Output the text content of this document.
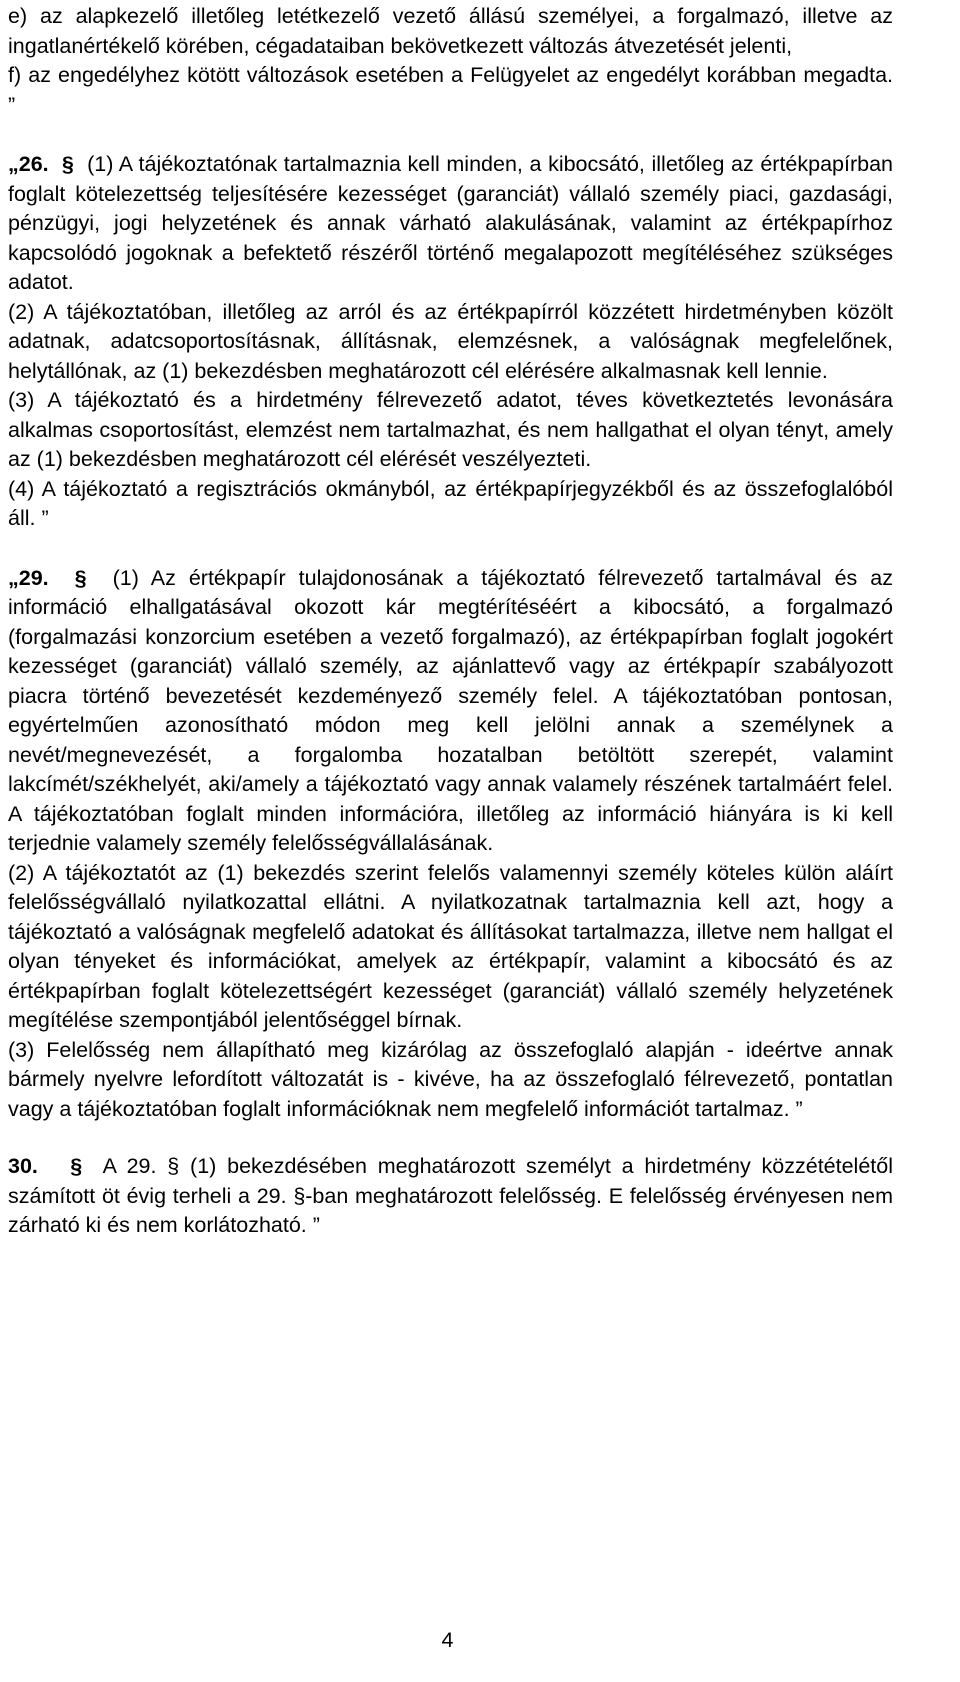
e) az alapkezelő illetőleg letétkezelő vezető állású személyei, a forgalmazó, illetve az ingatlanértékelő körében, cégadataiban bekövetkezett változás átvezetését jelenti,

f) az engedélyhez kötött változások esetében a Felügyelet az engedélyt korábban megadta. ”

„26. § (1) A tájékoztatónak tartalmaznia kell minden, a kibocsátó, illetőleg az értékpapírban foglalt kötelezettség teljesítésére kezességet (garanciát) vállaló személy piaci, gazdasági, pénzügyi, jogi helyzetének és annak várható alakulásának, valamint az értékpapírhoz kapcsolódó jogoknak a befektető részéről történő megalapozott megítéléséhez szükséges adatot.

(2) A tájékoztatóban, illetőleg az arról és az értékpapírról közzétett hirdetményben közölt adatnak, adatcsoportosításnak, állításnak, elemzésnek, a valóságnak megfelelőnek, helytállónak, az (1) bekezdésben meghatározott cél elérésére alkalmasnak kell lennie.

(3) A tájékoztató és a hirdetmény félrevezető adatot, téves következtetés levonására alkalmas csoportosítást, elemzést nem tartalmazhat, és nem hallgathat el olyan tényt, amely az (1) bekezdésben meghatározott cél elérését veszélyezteti.

(4) A tájékoztató a regisztrációs okmányból, az értékpapírjegyzékből és az összefoglalóból áll. ”

„29. § (1) Az értékpapír tulajdonosának a tájékoztató félrevezető tartalmával és az információ elhallgatásával okozott kár megtérítéséért a kibocsátó, a forgalmazó (forgalmazási konzorcium esetében a vezető forgalmazó), az értékpapírban foglalt jogokért kezességet (garanciát) vállaló személy, az ajánlattevő vagy az értékpapír szabályozott piacra történő bevezetését kezdeményező személy felel. A tájékoztatóban pontosan, egyértelműen azonosítható módon meg kell jelölni annak a személynek a nevét/megnevezését, a forgalomba hozatalban betöltött szerepét, valamint lakcímét/székhelyét, aki/amely a tájékoztató vagy annak valamely részének tartalmáért felel. A tájékoztatóban foglalt minden információra, illetőleg az információ hiányára is ki kell terjednie valamely személy felelősségvállalásának.

(2) A tájékoztatót az (1) bekezdés szerint felelős valamennyi személy köteles külön aláírt felelősségvállaló nyilatkozattal ellátni. A nyilatkozatnak tartalmaznia kell azt, hogy a tájékoztató a valóságnak megfelelő adatokat és állításokat tartalmazza, illetve nem hallgat el olyan tényeket és információkat, amelyek az értékpapír, valamint a kibocsátó és az értékpapírban foglalt kötelezettségért kezességet (garanciát) vállaló személy helyzetének megítélése szempontjából jelentőséggel bírnak.

(3) Felelősség nem állapítható meg kizárólag az összefoglaló alapján - ideértve annak bármely nyelvre lefordított változatát is - kivéve, ha az összefoglaló félrevezető, pontatlan vagy a tájékoztatóban foglalt információknak nem megfelelő információt tartalmaz. ”

30. § A 29. § (1) bekezdésében meghatározott személyt a hirdetmény közzétételétől számított öt évig terheli a 29. §-ban meghatározott felelősség. E felelősség érvényesen nem zárható ki és nem korlátozható. ”

4
